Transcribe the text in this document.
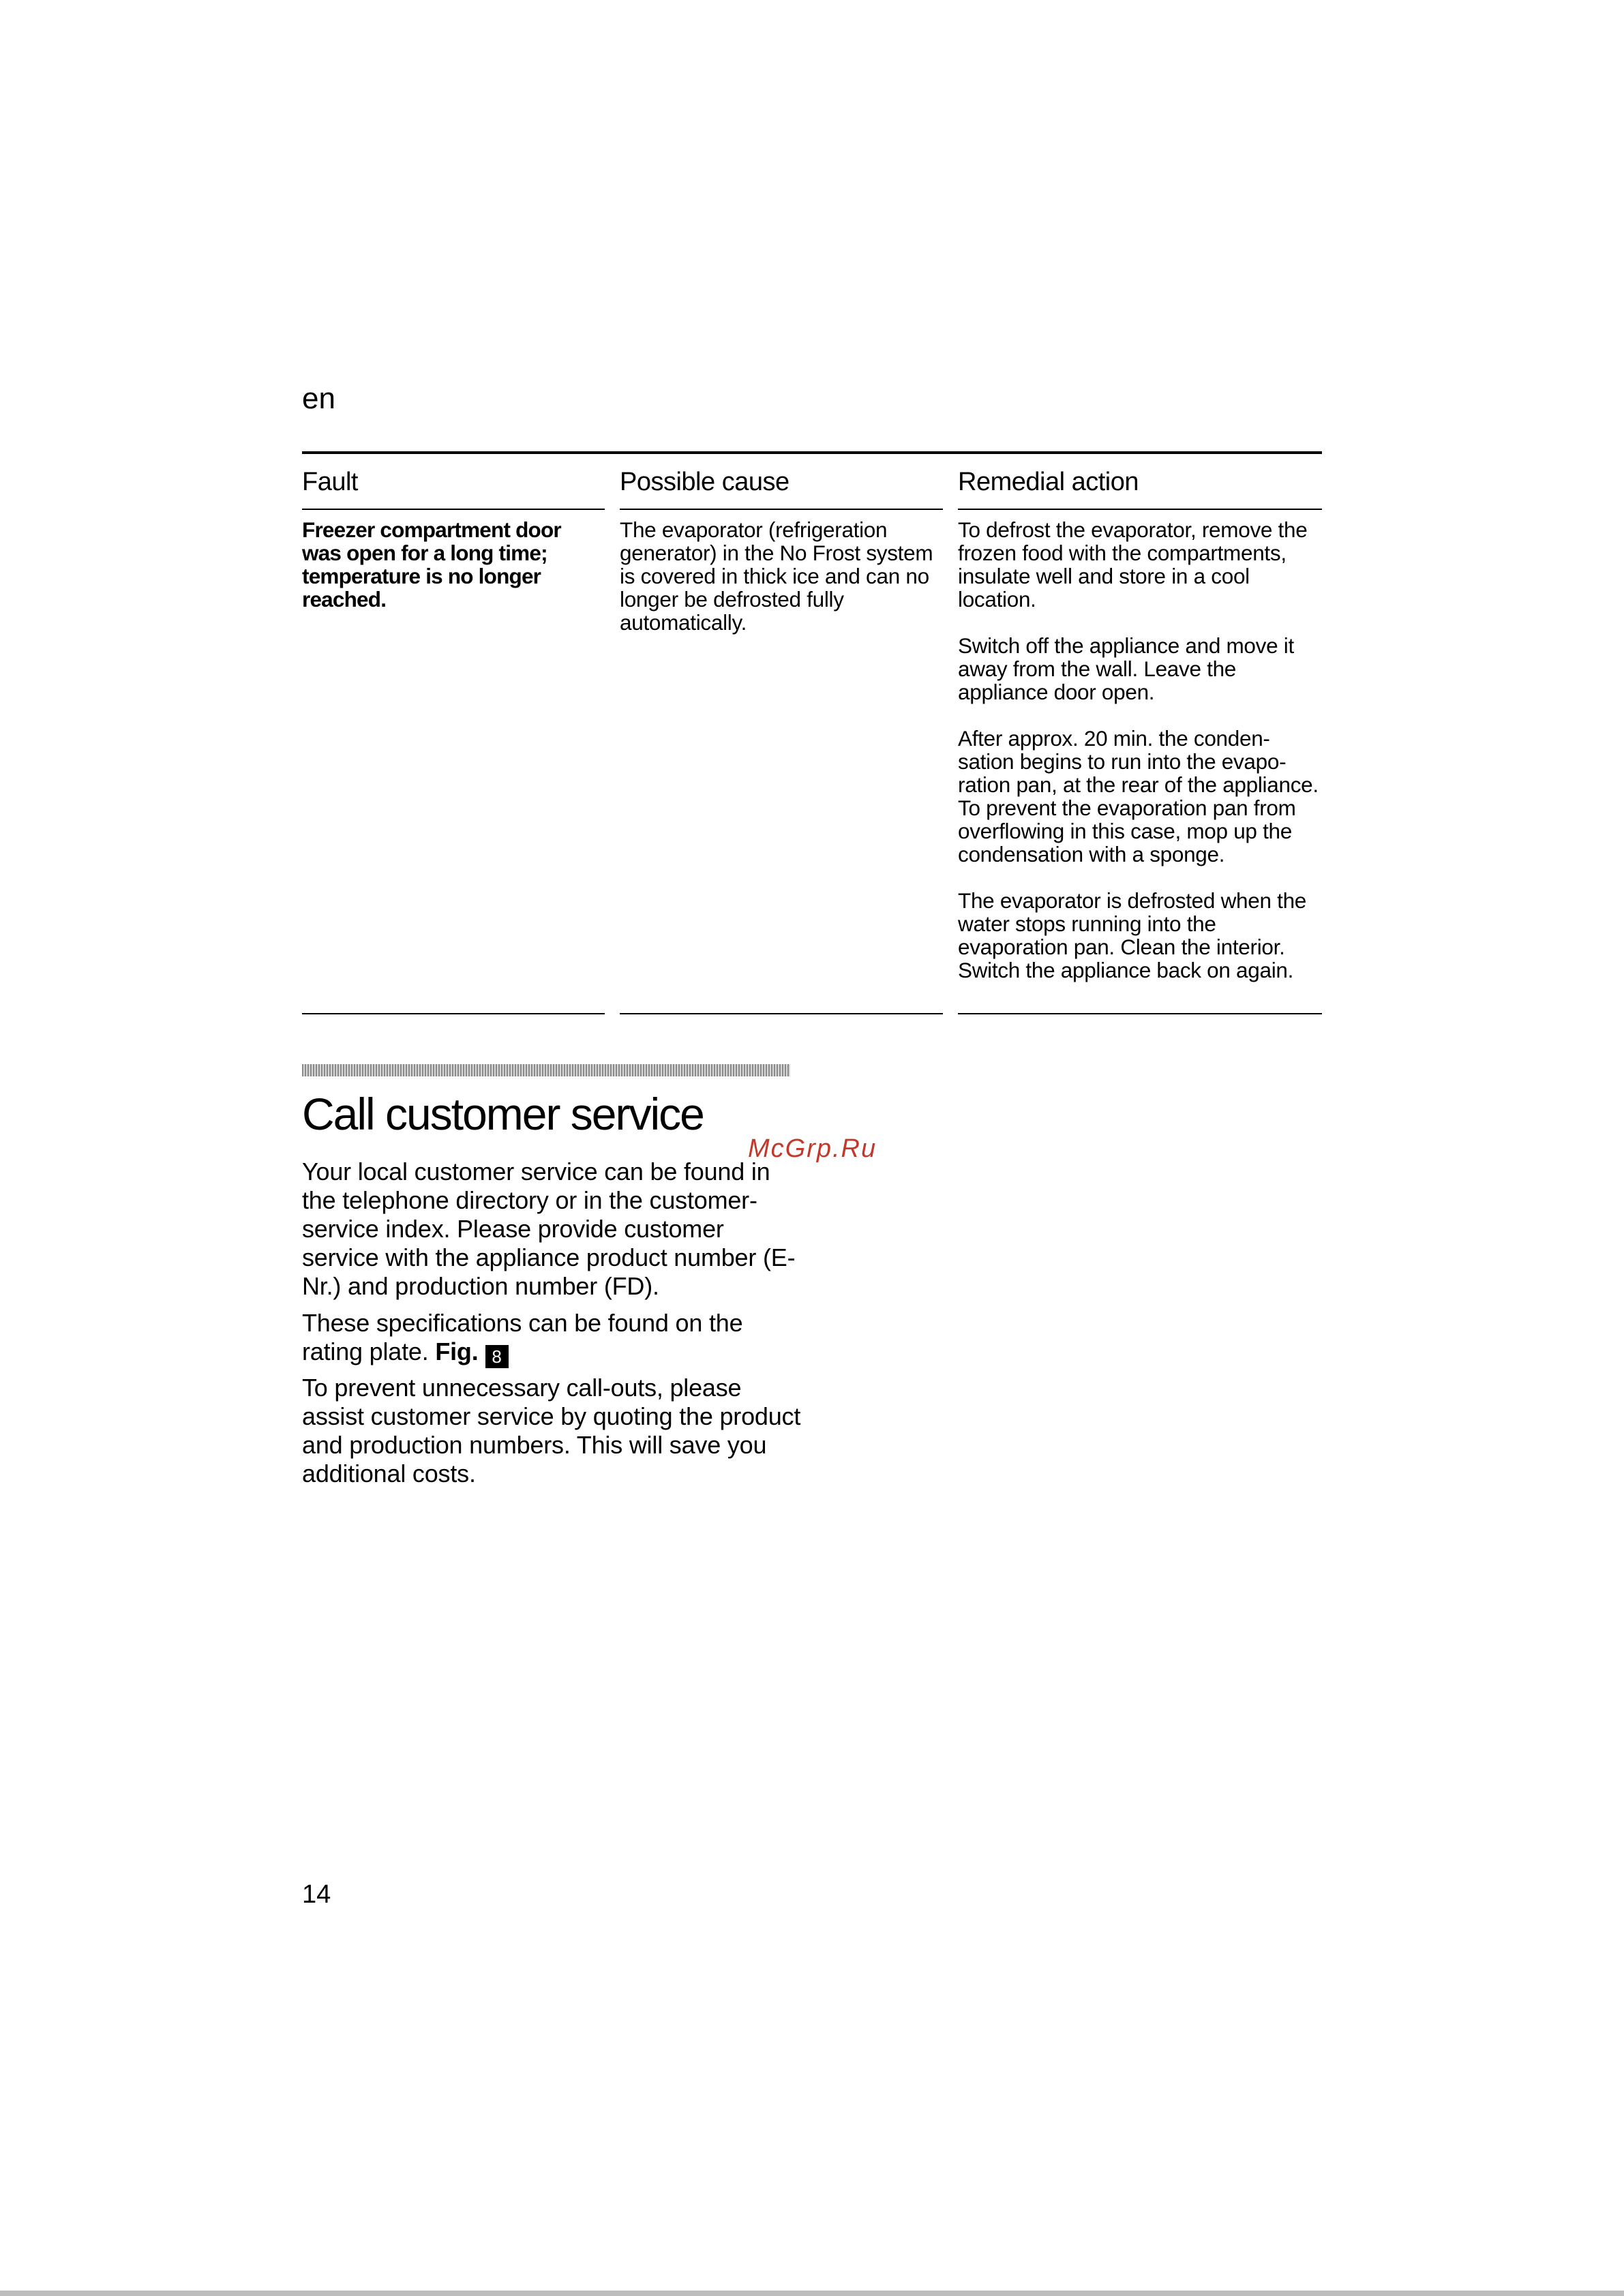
en
Fault	Possible cause	Remedial action
Freezer compartment door was open for a long time; temperature is no longer reached.
The evaporator (refrigeration generator) in the No Frost system is covered in thick ice and can no longer be defrosted fully automatically.

To defrost the evaporator, remove the frozen food with the compartments, insulate well and store in a cool location.

Switch off the appliance and move it away from the wall. Leave the appliance door open.

After approx. 20 min. the conden-sation begins to run into the evapo-ration pan, at the rear of the appliance. To prevent the evaporation pan from overflowing in this case, mop up the condensation with a sponge.

The evaporator is defrosted when the water stops running into the evaporation pan. Clean the interior. Switch the appliance back on again.

Call customer service
McGrp.Ru

Your local customer service can be found in the telephone directory or in the customer-service index. Please provide customer service with the appliance product number (E-Nr.) and production number (FD).

These specifications can be found on the rating plate. Fig. 8

To prevent unnecessary call-outs, please assist customer service by quoting the product and production numbers. This will save you additional costs.

14
